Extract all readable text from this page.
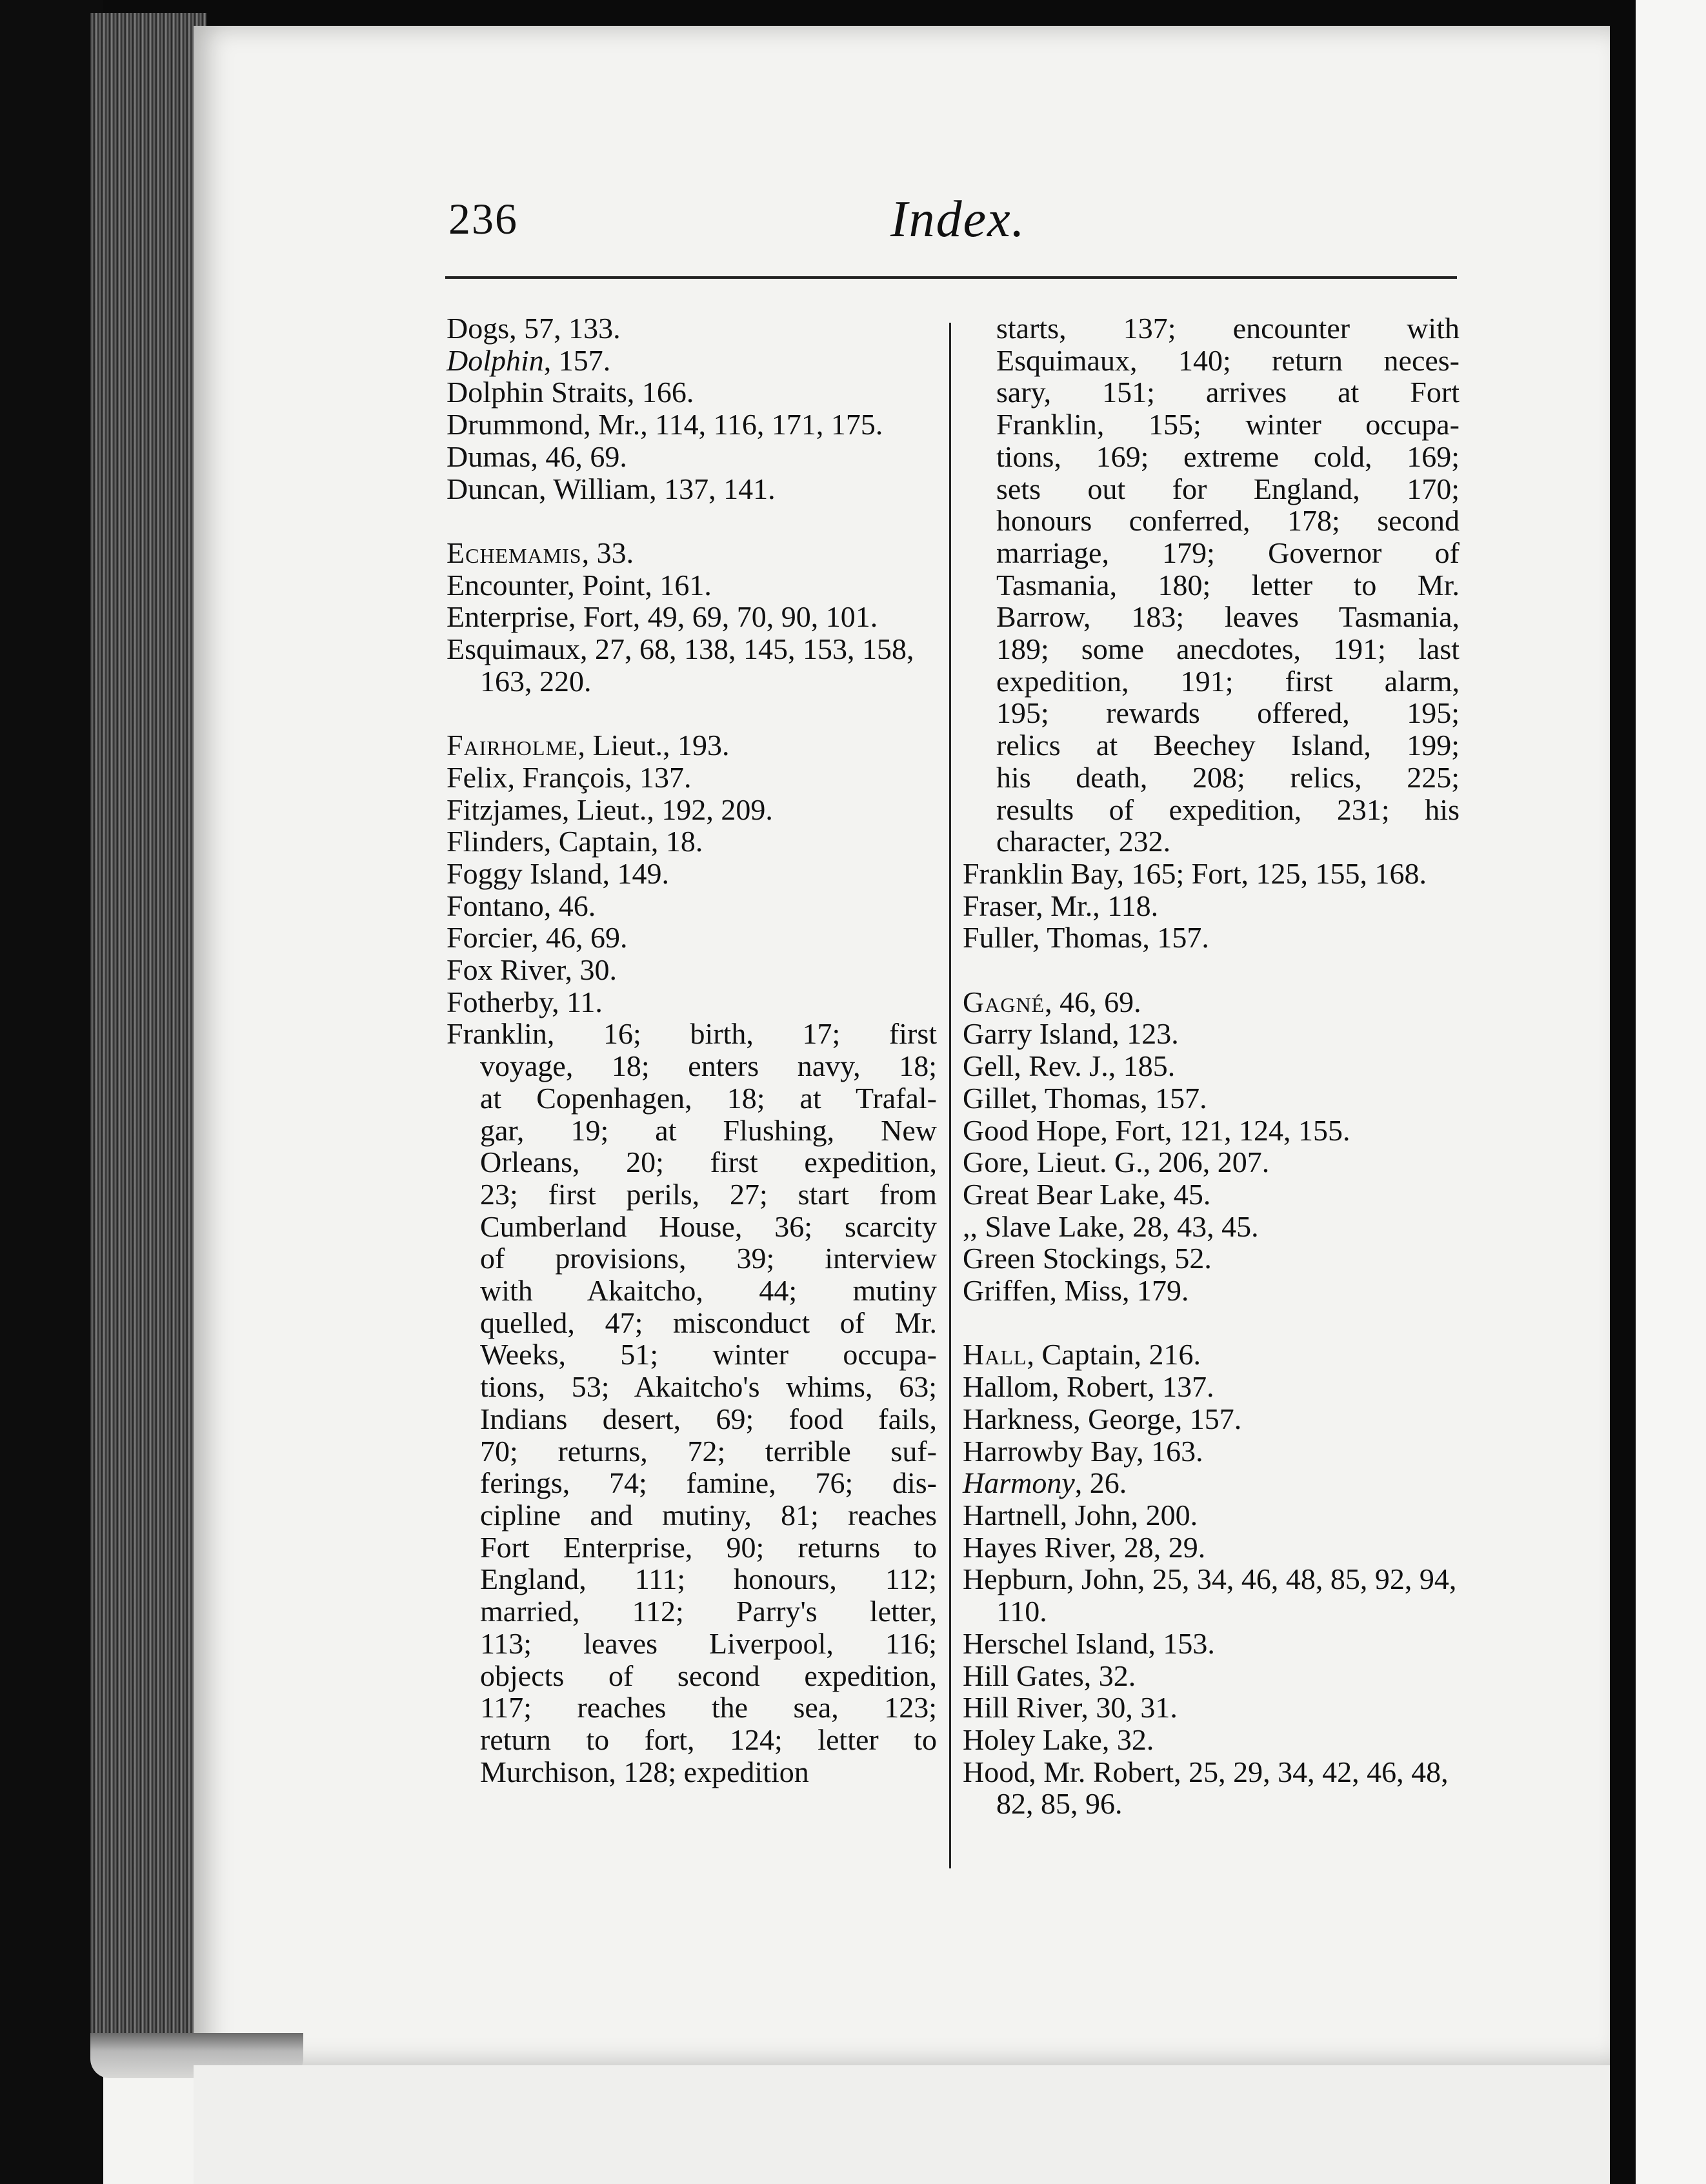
236	Index.

Dogs, 57, 133.

Dolphin, 157.

Dolphin Straits, 166.

Drummond, Mr., 114, 116, 171, 175.

Dumas, 46, 69.

Duncan, William, 137, 141.

Echemamis, 33.

Encounter, Point, 161.

Enterprise, Fort, 49, 69, 70, 90, 101.

Esquimaux, 27, 68, 138, 145, 153, 158, 163, 220.

Fairholme, Lieut., 193.

Felix, François, 137.

Fitzjames, Lieut., 192, 209.

Flinders, Captain, 18.

Foggy Island, 149.

Fontano, 46.

Forcier, 46, 69.

Fox River, 30.

Fotherby, 11.

Franklin, 16; birth, 17; first
voyage, 18; enters navy, 18;
at Copenhagen, 18; at Trafal-
gar, 19; at Flushing, New
Orleans, 20; first expedition,
23; first perils, 27; start from
Cumberland House, 36; scarcity
of provisions, 39; interview
with Akaitcho, 44; mutiny
quelled, 47; misconduct of Mr.
Weeks, 51; winter occupa-
tions, 53; Akaitcho's whims, 63;
Indians desert, 69; food fails,
70; returns, 72; terrible suf-
ferings, 74; famine, 76; dis-
cipline and mutiny, 81; reaches
Fort Enterprise, 90; returns to
England, 111; honours, 112;
married, 112; Parry's letter,
113; leaves Liverpool, 116;
objects of second expedition,
117; reaches the sea, 123;
return to fort, 124; letter to
Murchison, 128; expedition
starts, 137; encounter with
Esquimaux, 140; return neces-
sary, 151; arrives at Fort
Franklin, 155; winter occupa-
tions, 169; extreme cold, 169;
sets out for England, 170;
honours conferred, 178; second
marriage, 179; Governor of
Tasmania, 180; letter to Mr.
Barrow, 183; leaves Tasmania,
189; some anecdotes, 191; last
expedition, 191; first alarm,
195; rewards offered, 195;
relics at Beechey Island, 199;
his death, 208; relics, 225;
results of expedition, 231; his
character, 232.

Franklin Bay, 165; Fort, 125, 155, 168.

Fraser, Mr., 118.

Fuller, Thomas, 157.

Gagné, 46, 69.

Garry Island, 123.

Gell, Rev. J., 185.

Gillet, Thomas, 157.

Good Hope, Fort, 121, 124, 155.

Gore, Lieut. G., 206, 207.

Great Bear Lake, 45.

,, Slave Lake, 28, 43, 45.

Green Stockings, 52.

Griffen, Miss, 179.

Hall, Captain, 216.

Hallom, Robert, 137.

Harkness, George, 157.

Harrowby Bay, 163.

Harmony, 26.

Hartnell, John, 200.

Hayes River, 28, 29.

Hepburn, John, 25, 34, 46, 48, 85, 92, 94, 110.

Herschel Island, 153.

Hill Gates, 32.

Hill River, 30, 31.

Holey Lake, 32.

Hood, Mr. Robert, 25, 29, 34, 42, 46, 48, 82, 85, 96.
